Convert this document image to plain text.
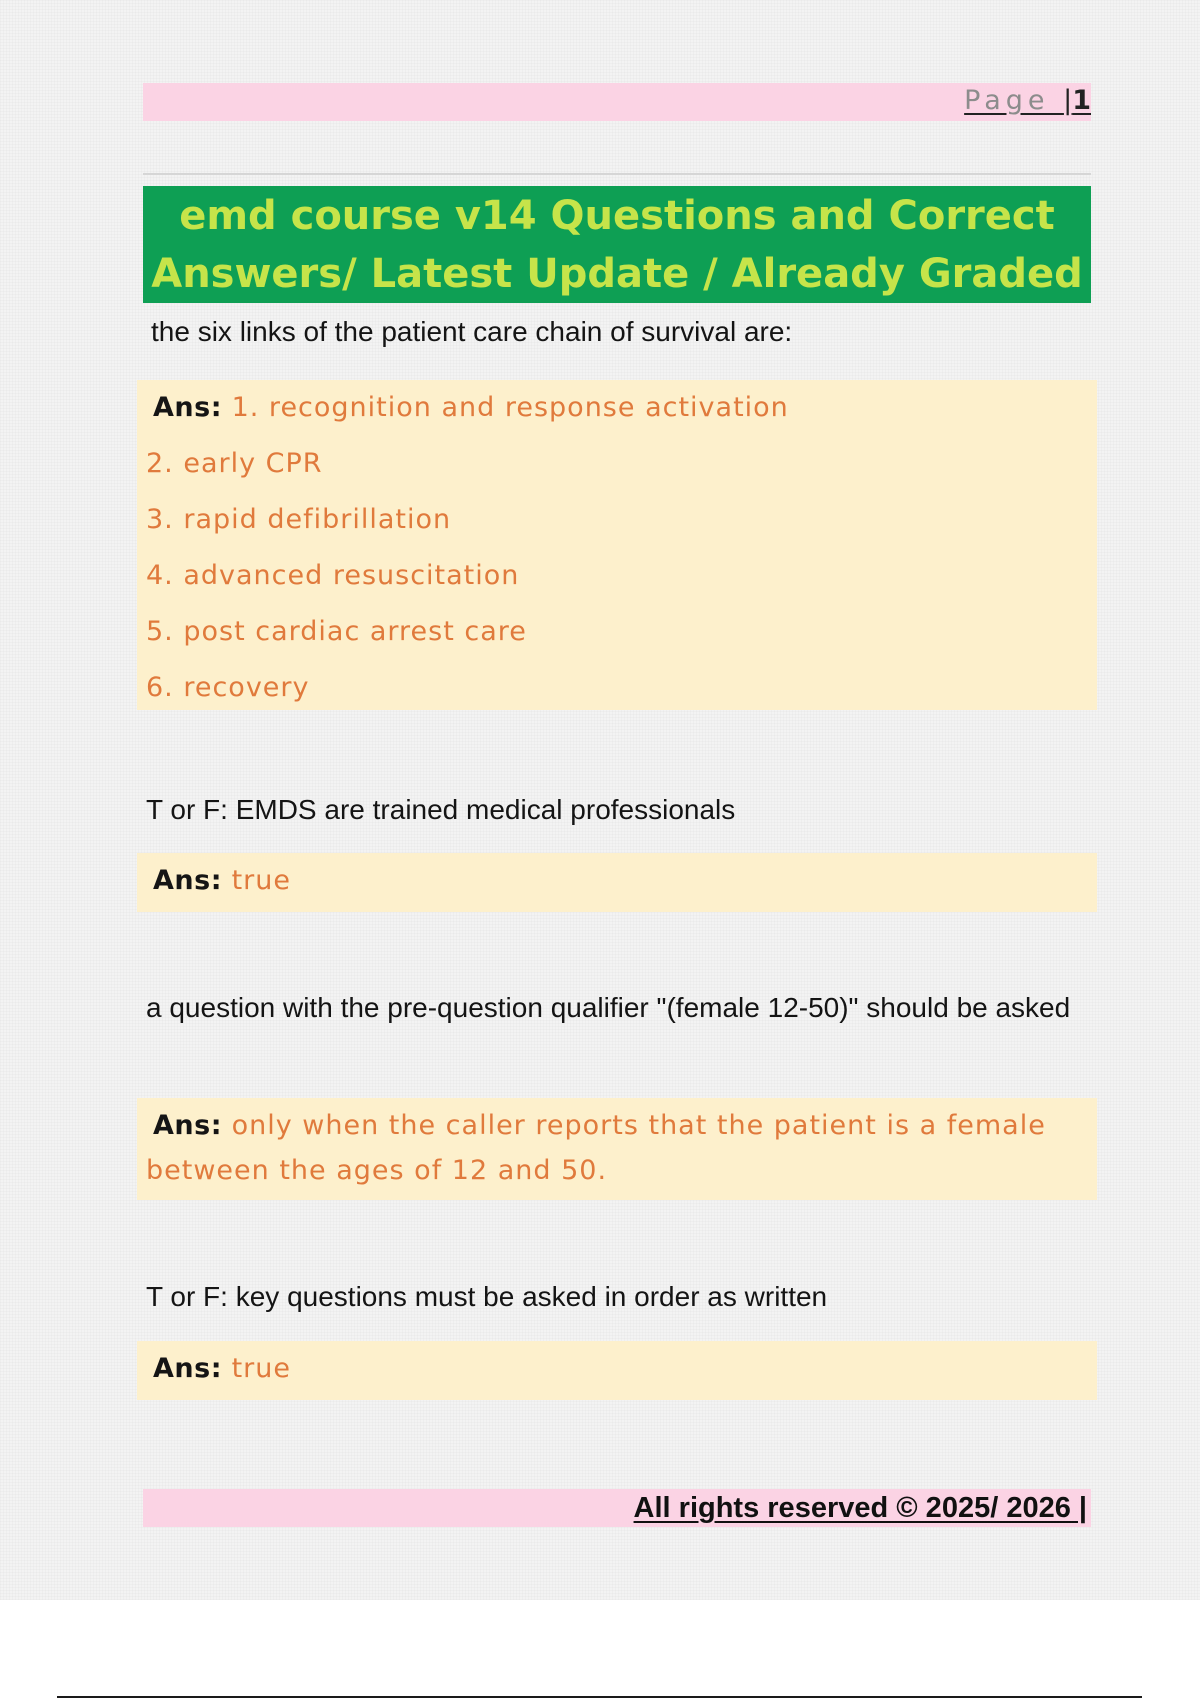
Page |1
emd course v14 Questions and Correct Answers/ Latest Update / Already Graded

the six links of the patient care chain of survival are:

Ans: 1. recognition and response activation
2. early CPR
3. rapid defibrillation
4. advanced resuscitation
5. post cardiac arrest care
6. recovery

T or F: EMDS are trained medical professionals

Ans: true

a question with the pre-question qualifier "(female 12-50)" should be asked

Ans: only when the caller reports that the patient is a female between the ages of 12 and 50.

T or F: key questions must be asked in order as written

Ans: true
All rights reserved © 2025/ 2026 |
